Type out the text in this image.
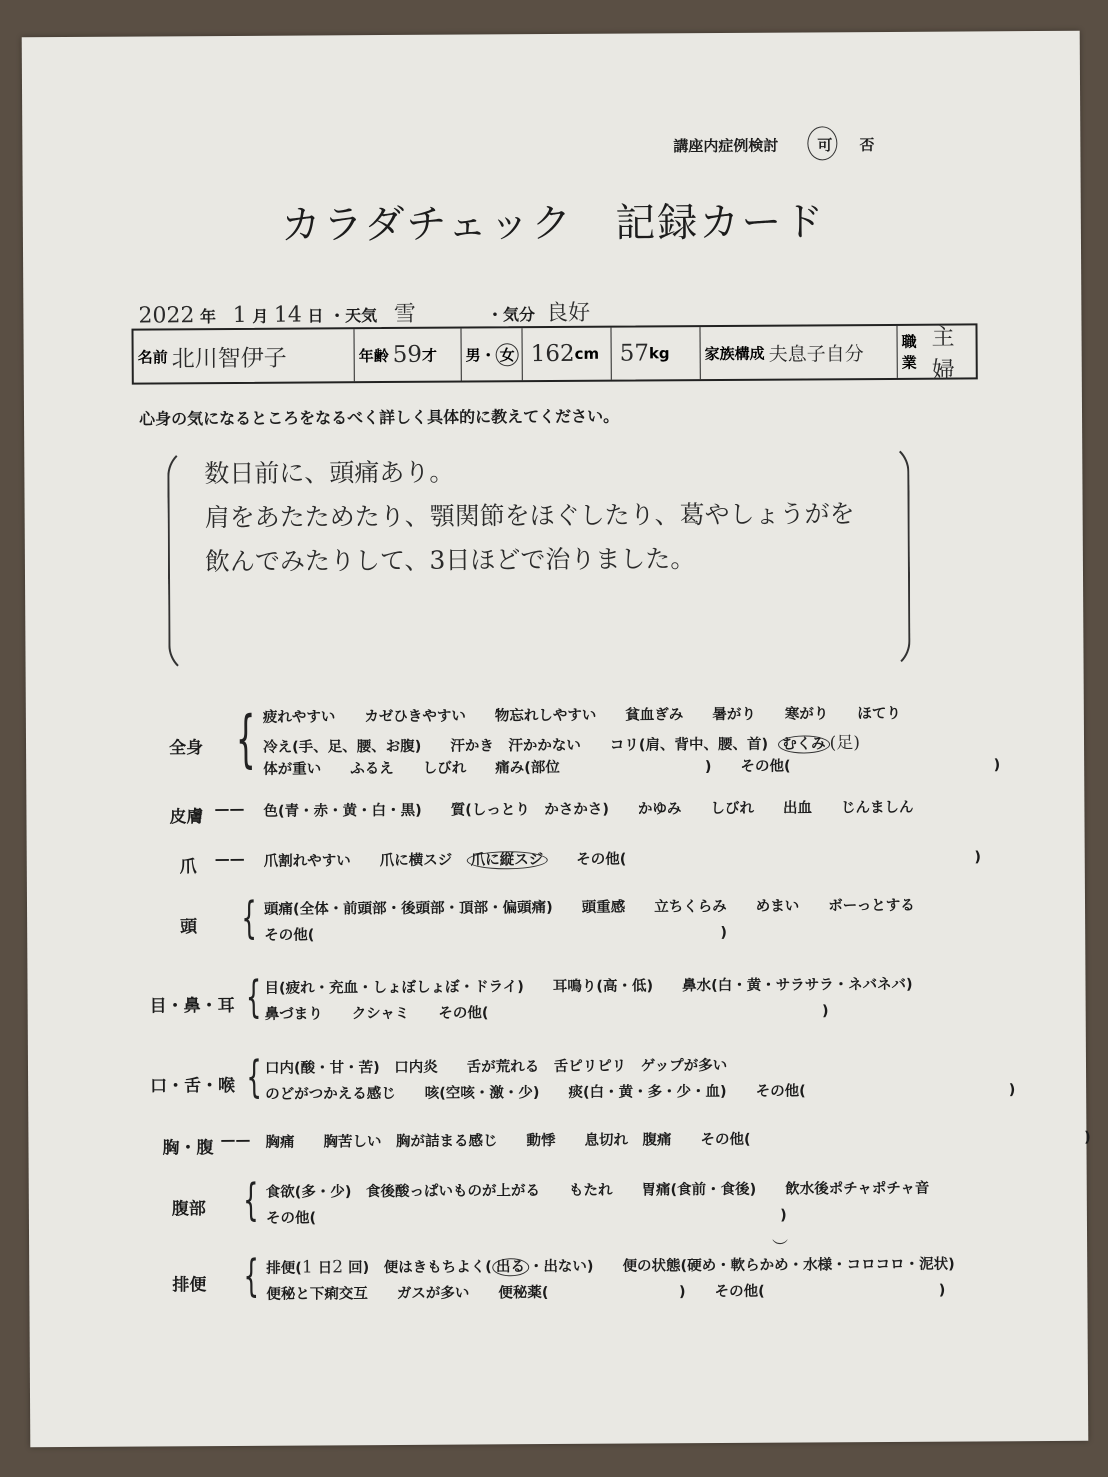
講座内症例検討	可　 否
カラダチェック　記録カード
2022 年 1 月 14 日 ・天気 雪	・気分 良好
名前 北川智伊子	年齢 59 才 男 ・ 女 162 cm 57 kg 家族構成 夫息子自分
職業
主婦
心身の気になるところをなるべく詳しく具体的に教えてください。
数日前に、頭痛あり。
肩をあたためたり、顎関節をほぐしたり、葛やしょうがを
飲んでみたりして、3日ほどで治りました。
全身 { 疲れやすい　　カゼひきやすい　　物忘れしやすい　　貧血ぎみ　　暑がり　　寒がり　　ほてり
冷え(手、足、腰、お腹)　　汗かき　汗かかない　　コリ(肩、背中、腰、首) むくみ (足)
体が重い　　ふるえ　　しびれ　　痛み(部位　　　　　　　　　　)　　その他(　　　　　　　　　　　　　　)
皮膚 —— 色(青・赤・黄・白・黒)　　質(しっとり　かさかさ)　　かゆみ　　しびれ　　出血　　じんましん
爪 —— 爪割れやすい　　爪に横スジ　 爪に縦スジ　　 その他(　　　　　　　　　　　　　　　　　　　　　　　　)
頭 { 頭痛(全体・前頭部・後頭部・頂部・偏頭痛)　　頭重感　　立ちくらみ　　めまい　　ボーっとする
その他(　　　　　　　　　　　　　　　　　　　　　　　　　　　　)
目・鼻・耳 { 目(疲れ・充血・しょぼしょぼ・ドライ)　　耳鳴り(高・低)　　鼻水(白・黄・サラサラ・ネバネバ)
鼻づまり　　クシャミ　　その他(　　　　　　　　　　　　　　　　　　　　　　　)
口・舌・喉 { 口内(酸・甘・苦)　口内炎　　舌が荒れる　舌ピリピリ　ゲップが多い
のどがつかえる感じ　　咳(空咳・激・少)　　痰(白・黄・多・少・血)　　その他(　　　　　　　　　　　　　　)
胸・腹 —— 胸痛　　胸苦しい　胸が詰まる感じ　　動悸　　息切れ　腹痛　　その他(　　　　　　　　　　　　　　　　　　　　　　　)
腹部 { 食欲(多・少)　食後酸っぱいものが上がる　　もたれ　　胃痛(食前・食後)　　飲水後ポチャポチャ音
その他(　　　　　　　　　　　　　　　　　　　　　　　　　　　　　　　　)
排便 { 排便(1 日2 回)　便はきもちよく( 出る ・出ない)　　便の状態(硬め・軟らかめ・水様・コロコロ・泥状)
便秘と下痢交互　　ガスが多い　　便秘薬(　　　　　　　　　)　　その他(　　　　　　　　　　　　)
︶
